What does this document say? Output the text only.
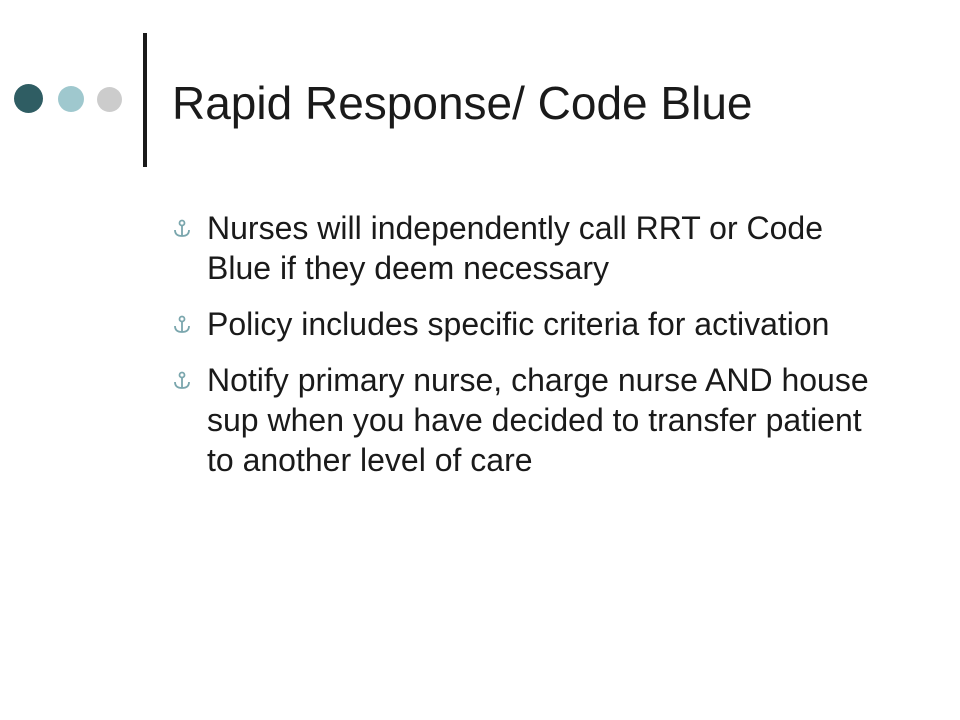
Rapid Response/ Code Blue
Nurses will independently call RRT or Code Blue if they deem necessary
Policy includes specific criteria for activation
Notify primary nurse, charge nurse AND house sup when you have decided to transfer patient to another level of care
